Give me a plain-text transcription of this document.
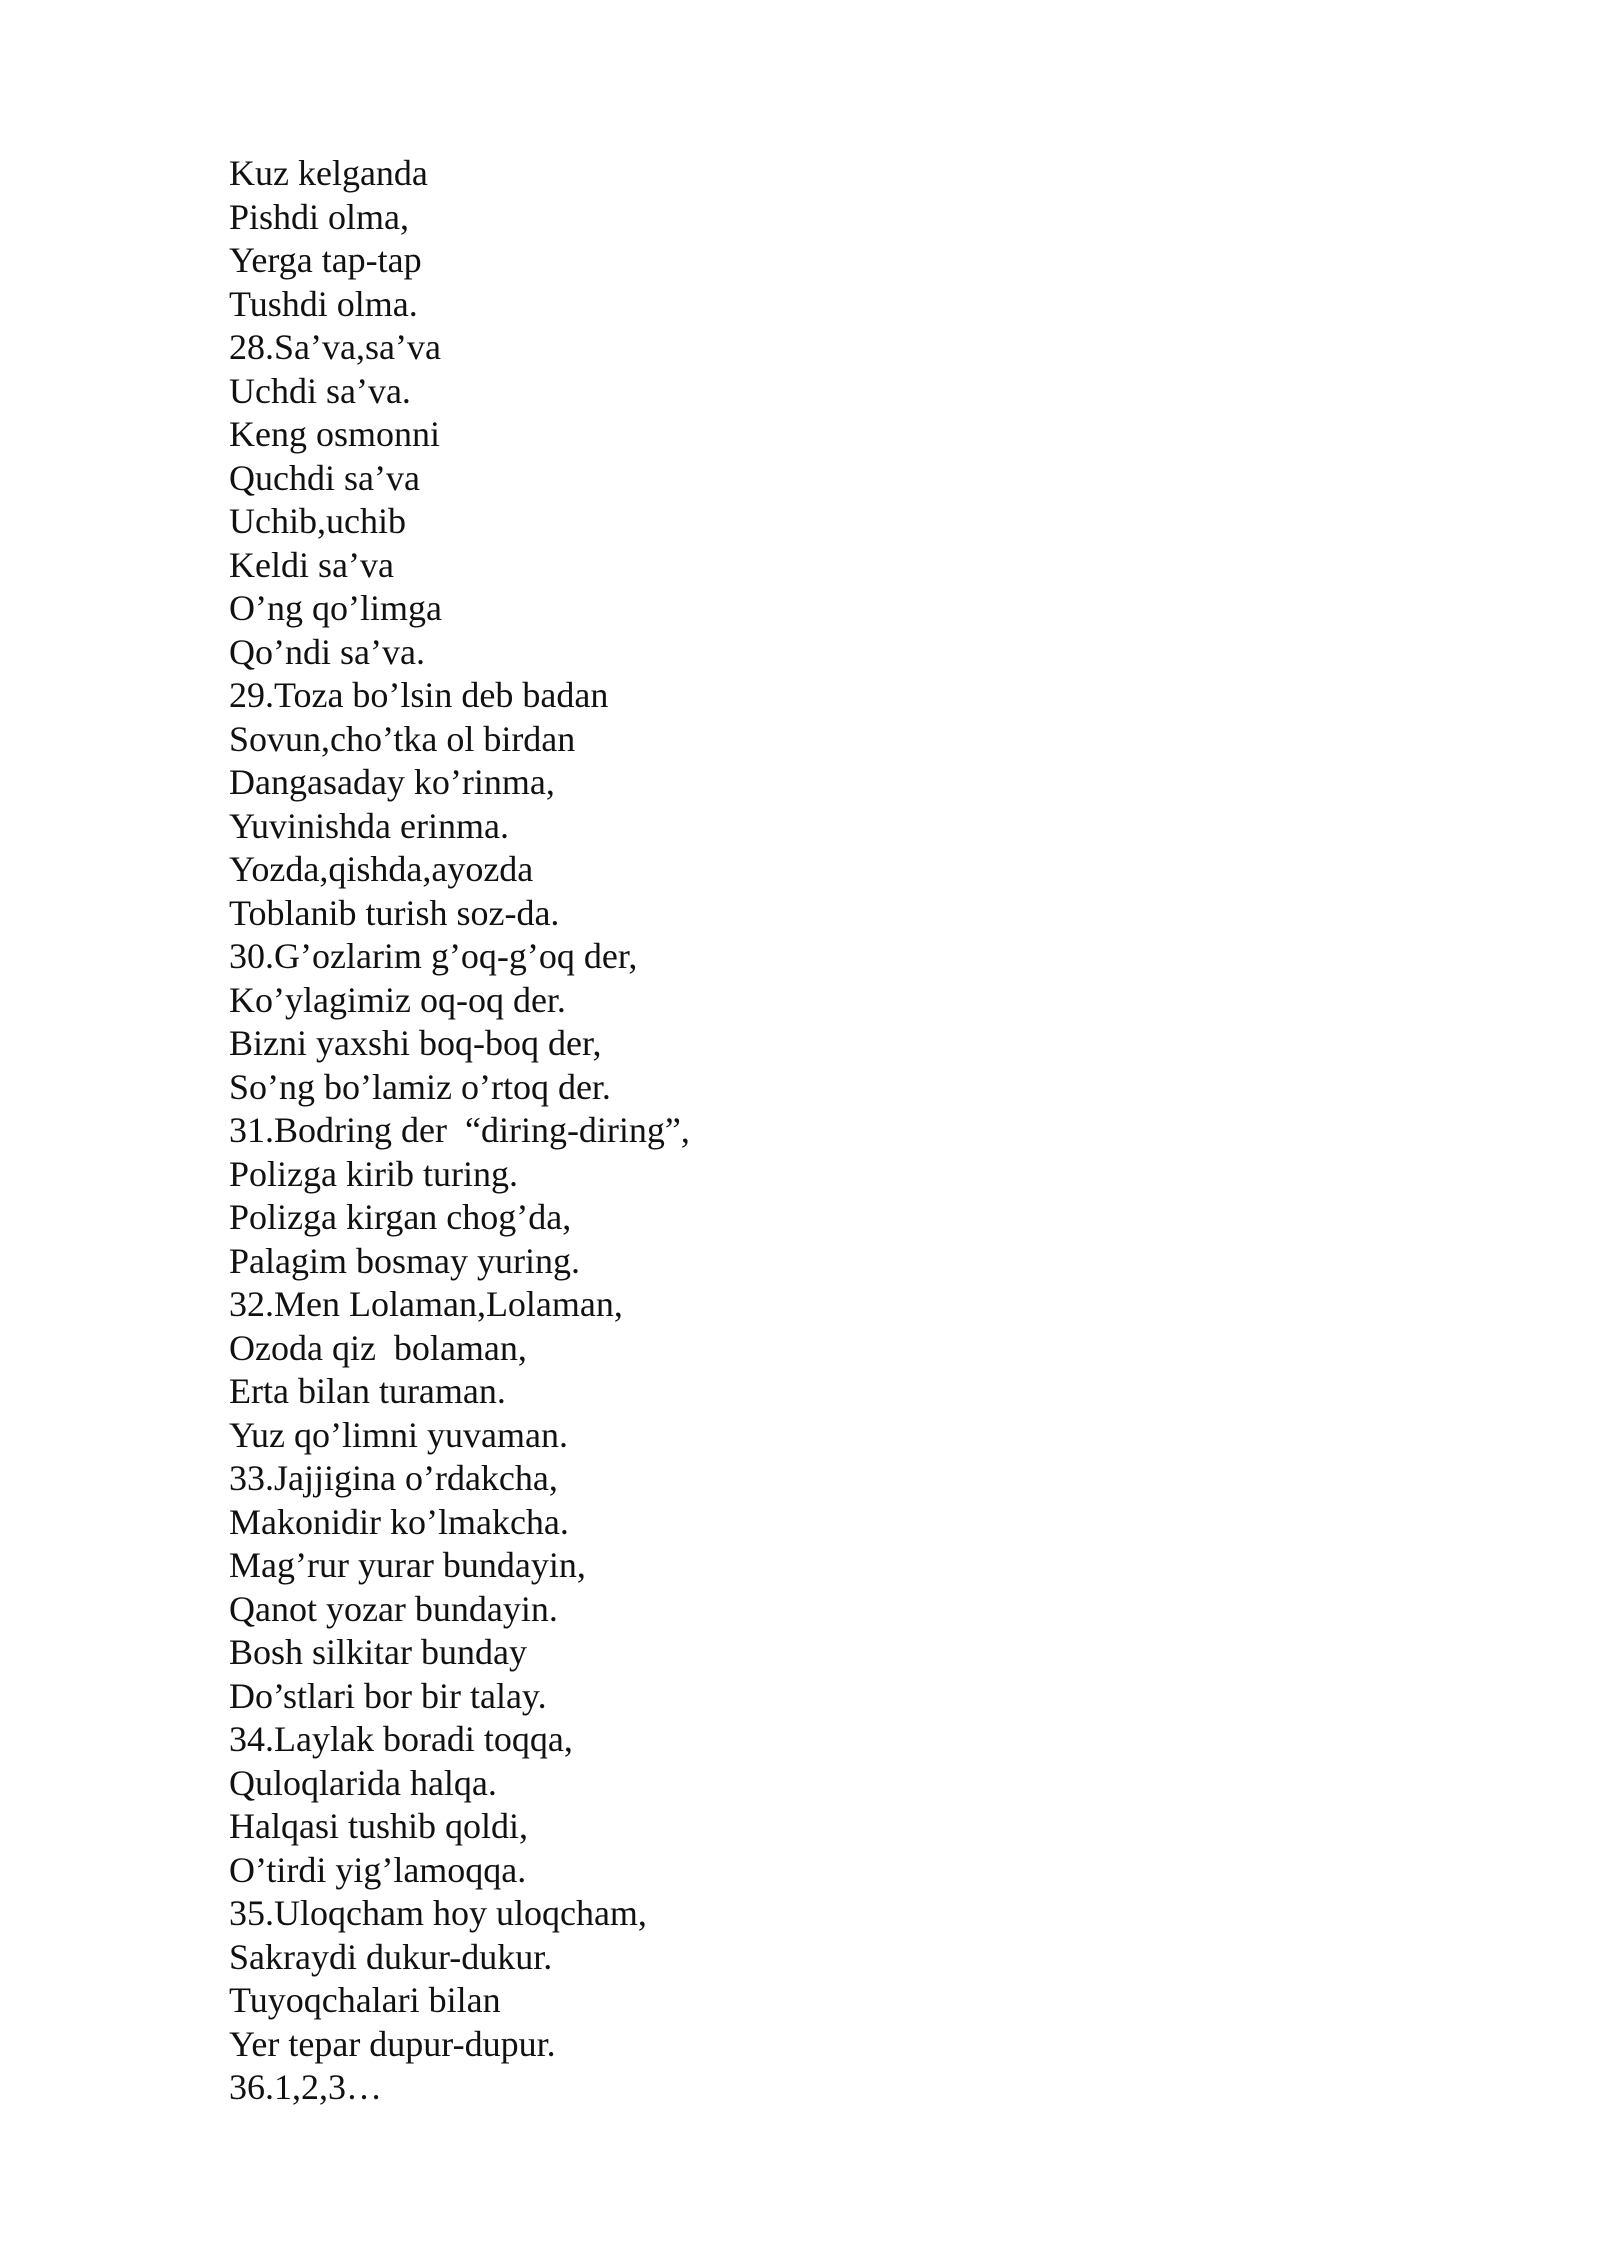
Kuz kelganda
Pishdi olma,
Yerga tap-tap
Tushdi olma.
28.Sa’va,sa’va
Uchdi sa’va.
Keng osmonni
Quchdi sa’va
Uchib,uchib
Keldi sa’va
O’ng qo’limga
Qo’ndi sa’va.
29.Toza bo’lsin deb badan
Sovun,cho’tka ol birdan
Dangasaday ko’rinma,
Yuvinishda erinma.
Yozda,qishda,ayozda
Toblanib turish soz-da.
30.G’ozlarim g’oq-g’oq der,
Ko’ylagimiz oq-oq der.
Bizni yaxshi boq-boq der,
So’ng bo’lamiz o’rtoq der.
31.Bodring der  “diring-diring”,
Polizga kirib turing.
Polizga kirgan chog’da,
Palagim bosmay yuring.
32.Men Lolaman,Lolaman,
Ozoda qiz  bolaman,
Erta bilan turaman.
Yuz qo’limni yuvaman.
33.Jajjigina o’rdakcha,
Makonidir ko’lmakcha.
Mag’rur yurar bundayin,
Qanot yozar bundayin.
Bosh silkitar bunday
Do’stlari bor bir talay.
34.Laylak boradi toqqa,
Quloqlarida halqa.
Halqasi tushib qoldi,
O’tirdi yig’lamoqqa.
35.Uloqcham hoy uloqcham,
Sakraydi dukur-dukur.
Tuyoqchalari bilan
Yer tepar dupur-dupur.
36.1,2,3…
